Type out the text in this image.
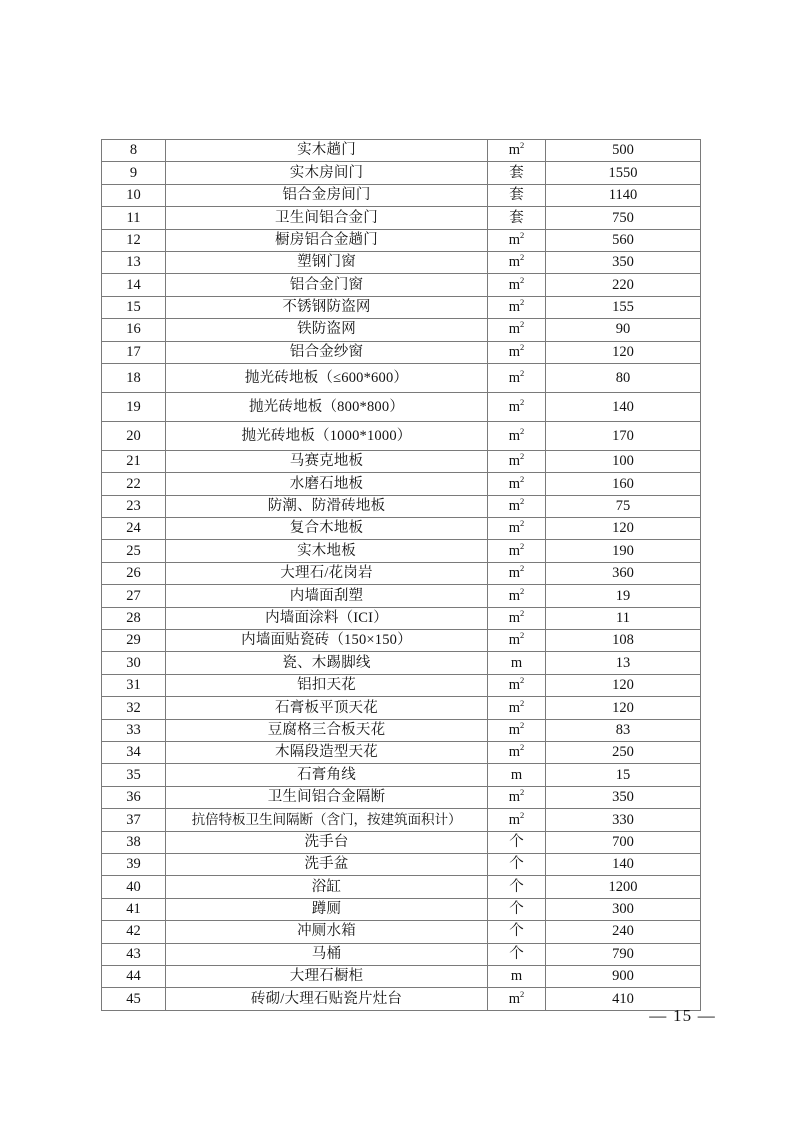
8	实木趟门	$m^2$	500
9	实木房间门	套	1550
10	铝合金房间门	套	1140
11	卫生间铝合金门	套	750
12	橱房铝合金趟门	$m^2$	560
13	塑钢门窗	$m^2$	350
14	铝合金门窗	$m^2$	220
15	不锈钢防盗网	$m^2$	155
16	铁防盗网	$m^2$	90
17	铝合金纱窗	$m^2$	120
18	抛光砖地板（≤600*600）	$m^2$	80
19	抛光砖地板（800*800）	$m^2$	140
20	抛光砖地板（1000*1000）	$m^2$	170
21	马赛克地板	$m^2$	100
22	水磨石地板	$m^2$	160
23	防潮、防滑砖地板	$m^2$	75
24	复合木地板	$m^2$	120
25	实木地板	$m^2$	190
26	大理石/花岗岩	$m^2$	360
27	内墙面刮塑	$m^2$	19
28	内墙面涂料（ICI）	$m^2$	11
29	内墙面贴瓷砖（150×150）	$m^2$	108
30	瓷、木踢脚线	m	13
31	铝扣天花	$m^2$	120
32	石膏板平顶天花	$m^2$	120
33	豆腐格三合板天花	$m^2$	83
34	木隔段造型天花	$m^2$	250
35	石膏角线	m	15
36	卫生间铝合金隔断	$m^2$	350
37	抗倍特板卫生间隔断（含门，按建筑面积计）	$m^2$	330
38	洗手台	个	700
39	洗手盆	个	140
40	浴缸	个	1200
41	蹲厕	个	300
42	冲厕水箱	个	240
43	马桶	个	790
44	大理石橱柜	m	900
45	砖砌/大理石贴瓷片灶台	$m^2$	410
— 15 —
